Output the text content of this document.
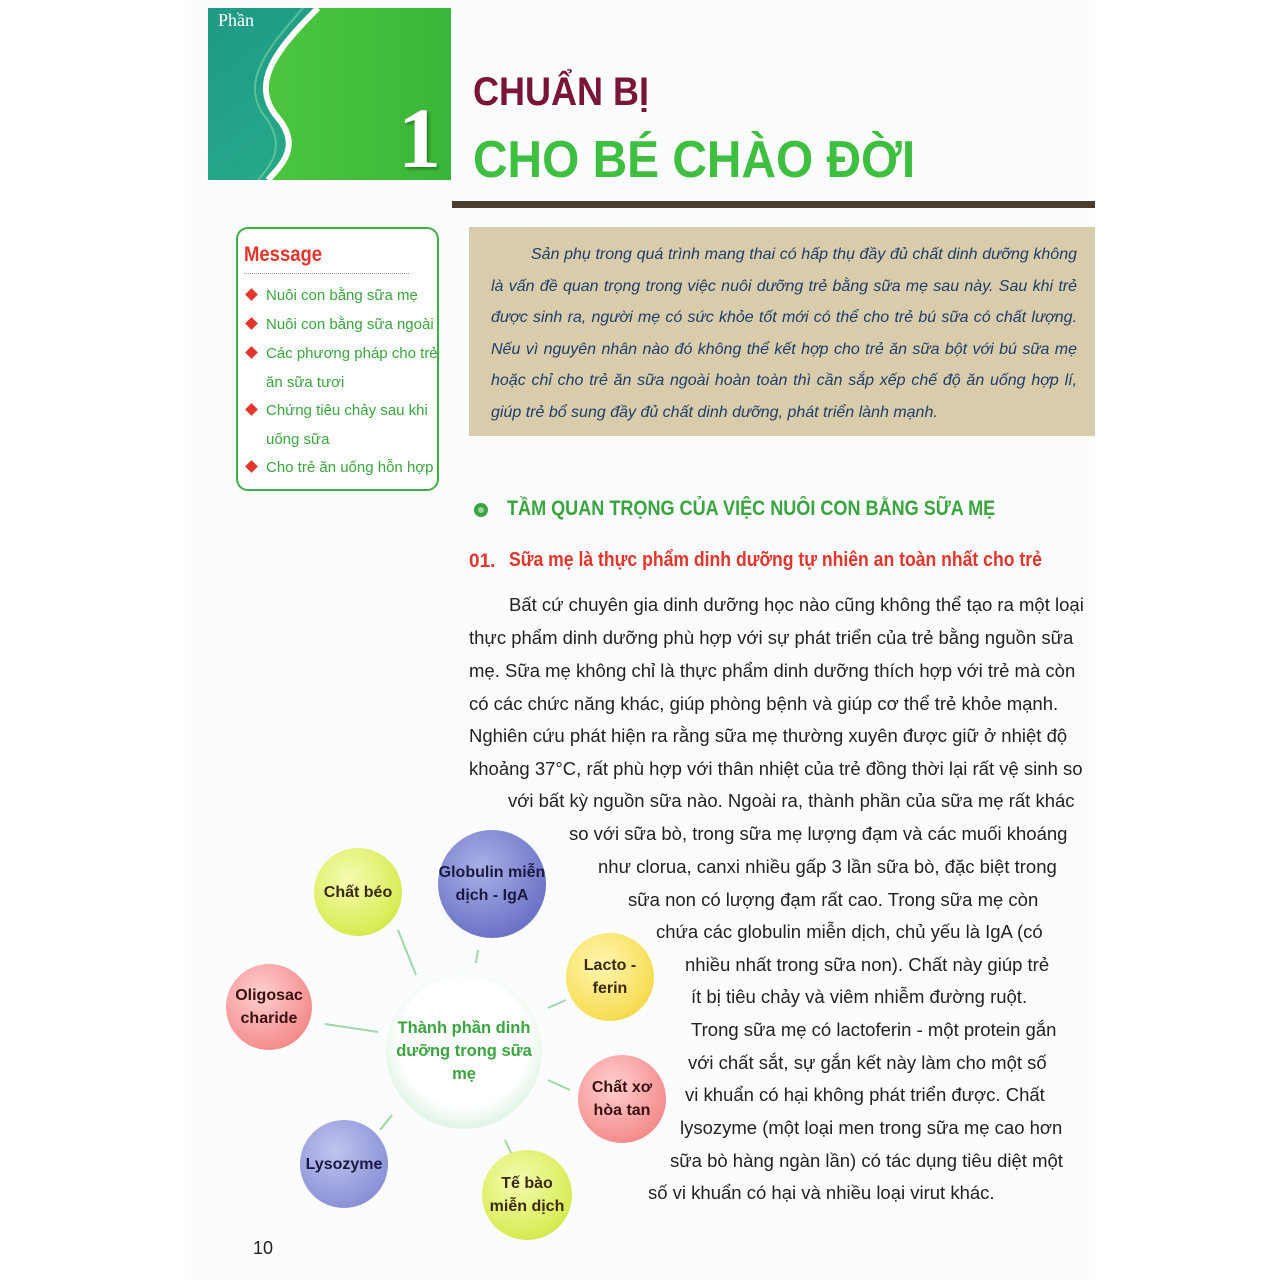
Phần
1 CHUẨN BỊ
CHO BÉ CHÀO ĐỜI
Message
Nuôi con bằng sữa mẹ
Nuôi con bằng sữa ngoài
Các phương pháp cho trẻ ăn sữa tươi
Chứng tiêu chảy sau khi uống sữa
Cho trẻ ăn uống hỗn hợp
Sản phụ trong quá trình mang thai có hấp thụ đầy đủ chất dinh dưỡng không là vấn đề quan trọng trong việc nuôi dưỡng trẻ bằng sữa mẹ sau này. Sau khi trẻ được sinh ra, người mẹ có sức khỏe tốt mới có thể cho trẻ bú sữa có chất lượng. Nếu vì nguyên nhân nào đó không thể kết hợp cho trẻ ăn sữa bột với bú sữa mẹ hoặc chỉ cho trẻ ăn sữa ngoài hoàn toàn thì cần sắp xếp chế độ ăn uống hợp lí, giúp trẻ bổ sung đầy đủ chất dinh dưỡng, phát triển lành mạnh.
TẦM QUAN TRỌNG CỦA VIỆC NUÔI CON BẰNG SỮA MẸ
01. Sữa mẹ là thực phẩm dinh dưỡng tự nhiên an toàn nhất cho trẻ
Bất cứ chuyên gia dinh dưỡng học nào cũng không thể tạo ra một loại
thực phẩm dinh dưỡng phù hợp với sự phát triển của trẻ bằng nguồn sữa
mẹ. Sữa mẹ không chỉ là thực phẩm dinh dưỡng thích hợp với trẻ mà còn
có các chức năng khác, giúp phòng bệnh và giúp cơ thể trẻ khỏe mạnh.
Nghiên cứu phát hiện ra rằng sữa mẹ thường xuyên được giữ ở nhiệt độ
khoảng 37°C, rất phù hợp với thân nhiệt của trẻ đồng thời lại rất vệ sinh so
với bất kỳ nguồn sữa nào. Ngoài ra, thành phần của sữa mẹ rất khác
so với sữa bò, trong sữa mẹ lượng đạm và các muối khoáng
như clorua, canxi nhiều gấp 3 lần sữa bò, đặc biệt trong
sữa non có lượng đạm rất cao. Trong sữa mẹ còn
chứa các globulin miễn dịch, chủ yếu là IgA (có
nhiều nhất trong sữa non). Chất này giúp trẻ
ít bị tiêu chảy và viêm nhiễm đường ruột.
Trong sữa mẹ có lactoferin - một protein gắn
với chất sắt, sự gắn kết này làm cho một số
vi khuẩn có hại không phát triển được. Chất
lysozyme (một loại men trong sữa mẹ cao hơn
sữa bò hàng ngàn lần) có tác dụng tiêu diệt một
số vi khuẩn có hại và nhiều loại virut khác.
Thành phần dinh dưỡng trong sữa mẹ
Chất béo
Globulin miễn dịch - IgA
Lacto - ferin
Chất xơ hòa tan
Tế bào miễn dịch
Lysozyme
Oligosac charide
10
